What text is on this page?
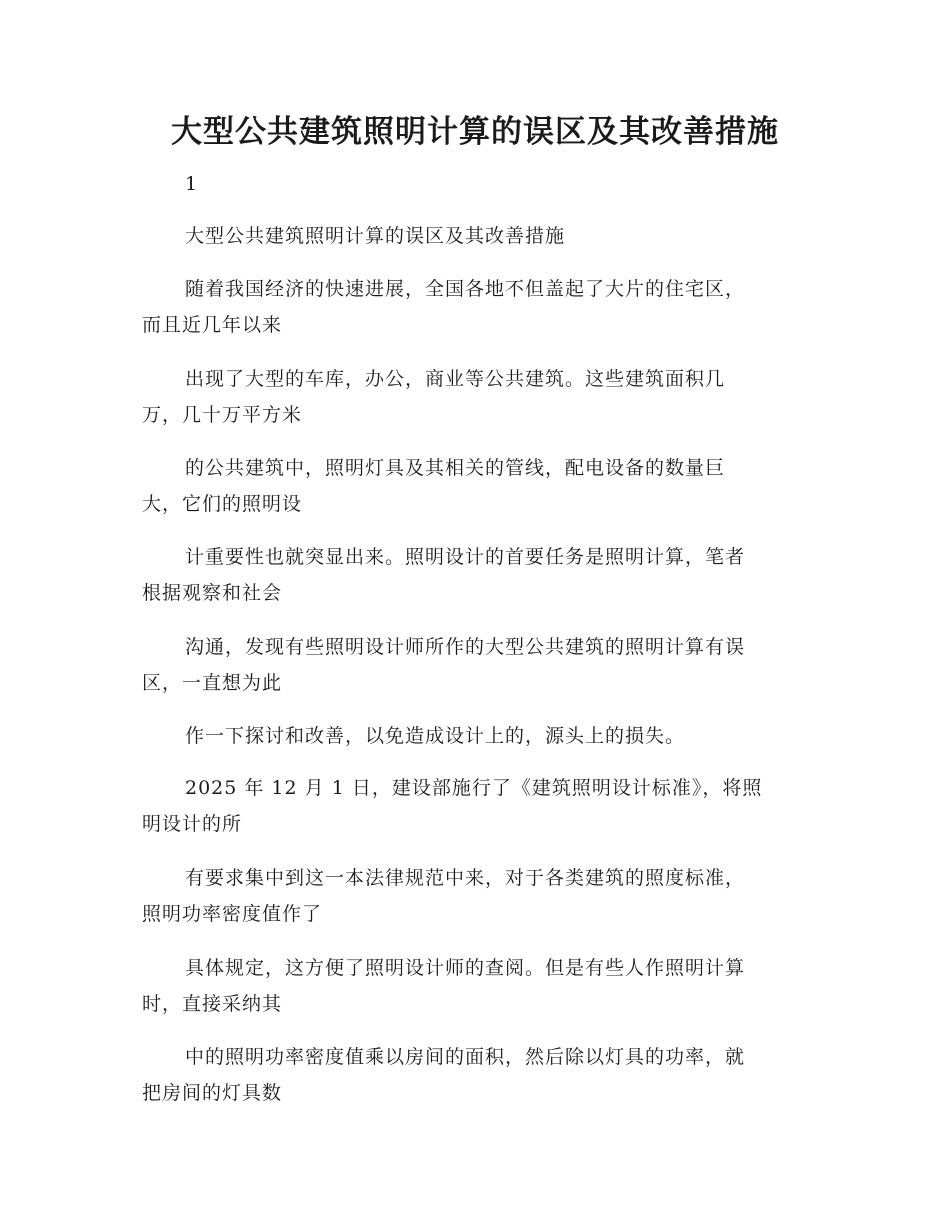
大型公共建筑照明计算的误区及其改善措施
1
大型公共建筑照明计算的误区及其改善措施
随着我国经济的快速进展，全国各地不但盖起了大片的住宅区，
而且近几年以来
出现了大型的车库，办公，商业等公共建筑。这些建筑面积几
万，几十万平方米
的公共建筑中，照明灯具及其相关的管线，配电设备的数量巨
大，它们的照明设
计重要性也就突显出来。照明设计的首要任务是照明计算，笔者
根据观察和社会
沟通，发现有些照明设计师所作的大型公共建筑的照明计算有误
区，一直想为此
作一下探讨和改善，以免造成设计上的，源头上的损失。
2025 年 12 月 1 日，建设部施行了《建筑照明设计标准》，将照
明设计的所
有要求集中到这一本法律规范中来，对于各类建筑的照度标准，
照明功率密度值作了
具体规定，这方便了照明设计师的查阅。但是有些人作照明计算
时，直接采纳其
中的照明功率密度值乘以房间的面积，然后除以灯具的功率，就
把房间的灯具数
